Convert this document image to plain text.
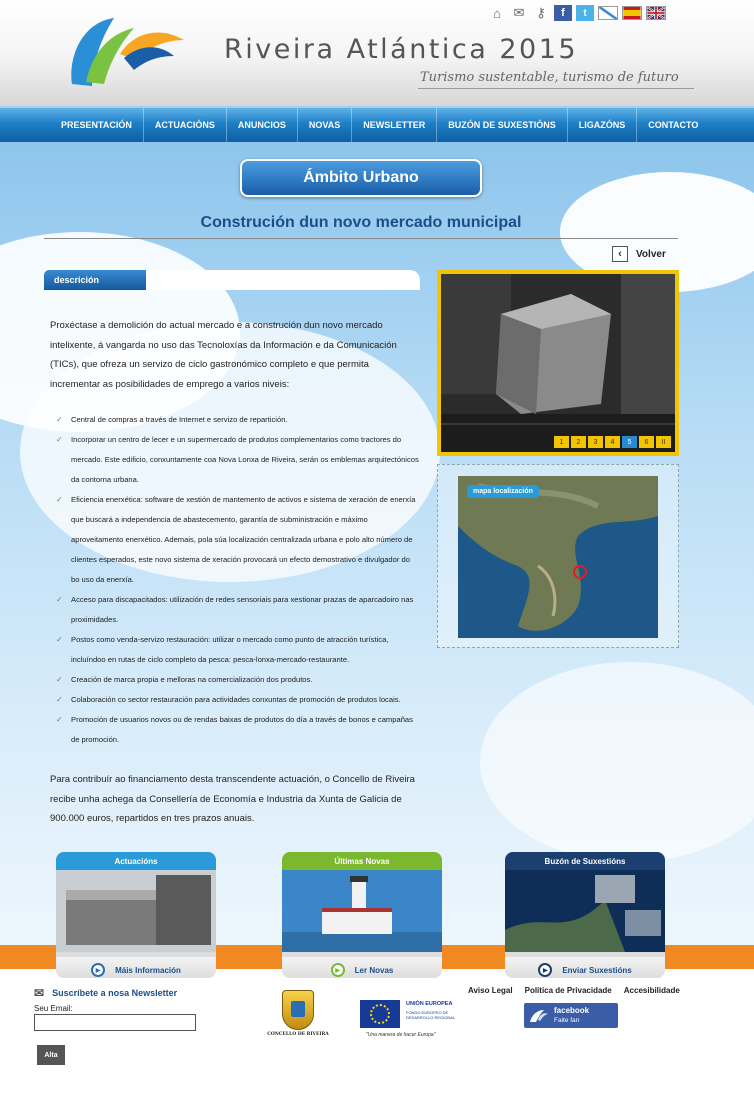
Riveira Atlántica 2015
Turismo sustentable, turismo de futuro
⌂ ✉ ⚷	f	t
PRESENTACIÓN	ACTUACIÓNS	ANUNCIOS	NOVAS	NEWSLETTER	BUZÓN DE SUXESTIÓNS	LIGAZÓNS	CONTACTO
Ámbito Urbano
Construción dun novo mercado municipal
‹	Volver
descrición

Proxéctase a demolición do actual mercado e a construción dun novo mercado intelixente, á vangarda no uso das Tecnoloxías da Información e da Comunicación (TICs), que ofreza un servizo de ciclo gastronómico completo e que permita incrementar as posibilidades de emprego a varios niveis:

✓ Central de compras a través de Internet e servizo de repartición.
✓ Incorporar un centro de lecer e un supermercado de produtos complementarios como tractores do mercado. Este edificio, conxuntamente coa Nova Lonxa de Riveira, serán os emblemas arquitectónicos da contorna urbana.
✓ Eficiencia enerxética: software de xestión de mantemento de activos e sistema de xeración de enerxía que buscará a independencia de abastecemento, garantía de subministración e máximo aproveitamento enerxético. Ademais, pola súa localización centralizada urbana e polo alto número de clientes esperados, este novo sistema de xeración provocará un efecto demostrativo e divulgador do bo uso da enerxía.
✓ Acceso para discapacitados: utilización de redes sensoriais para xestionar prazas de aparcadoiro nas proximidades.
✓ Postos como venda-servizo restauración: utilizar o mercado como punto de atracción turística, incluíndoo en rutas de ciclo completo da pesca: pesca-lonxa-mercado-restaurante.
✓ Creación de marca propia e melloras na comercialización dos produtos.
✓ Colaboración co sector restauración para actividades conxuntas de promoción de produtos locais.
✓ Promoción de usuarios novos ou de rendas baixas de produtos do día a través de bonos e campañas de promoción.

Para contribuír ao financiamento desta transcendente actuación, o Concello de Riveira recibe unha achega da Consellería de Economía e Industria da Xunta de Galicia de 900.000 euros, repartidos en tres prazos anuais.

1	2	3	4	5	6	II
mapa localización
Actuacións
▶	Máis Información
Últimas Novas
▶	Ler Novas
Buzón de Suxestións
▶	Enviar Suxestións
✉ Suscríbete a nosa Newsletter
Seu Email:
Alta
CONCELLO DE RIVEIRA
UNIÓN EUROPEA
FONDO EUROPEO DE DESARROLLO REGIONAL
"Una manera de hacer Europa"
Aviso Legal Política de Privacidade Accesibilidade
facebook
Faite fan
